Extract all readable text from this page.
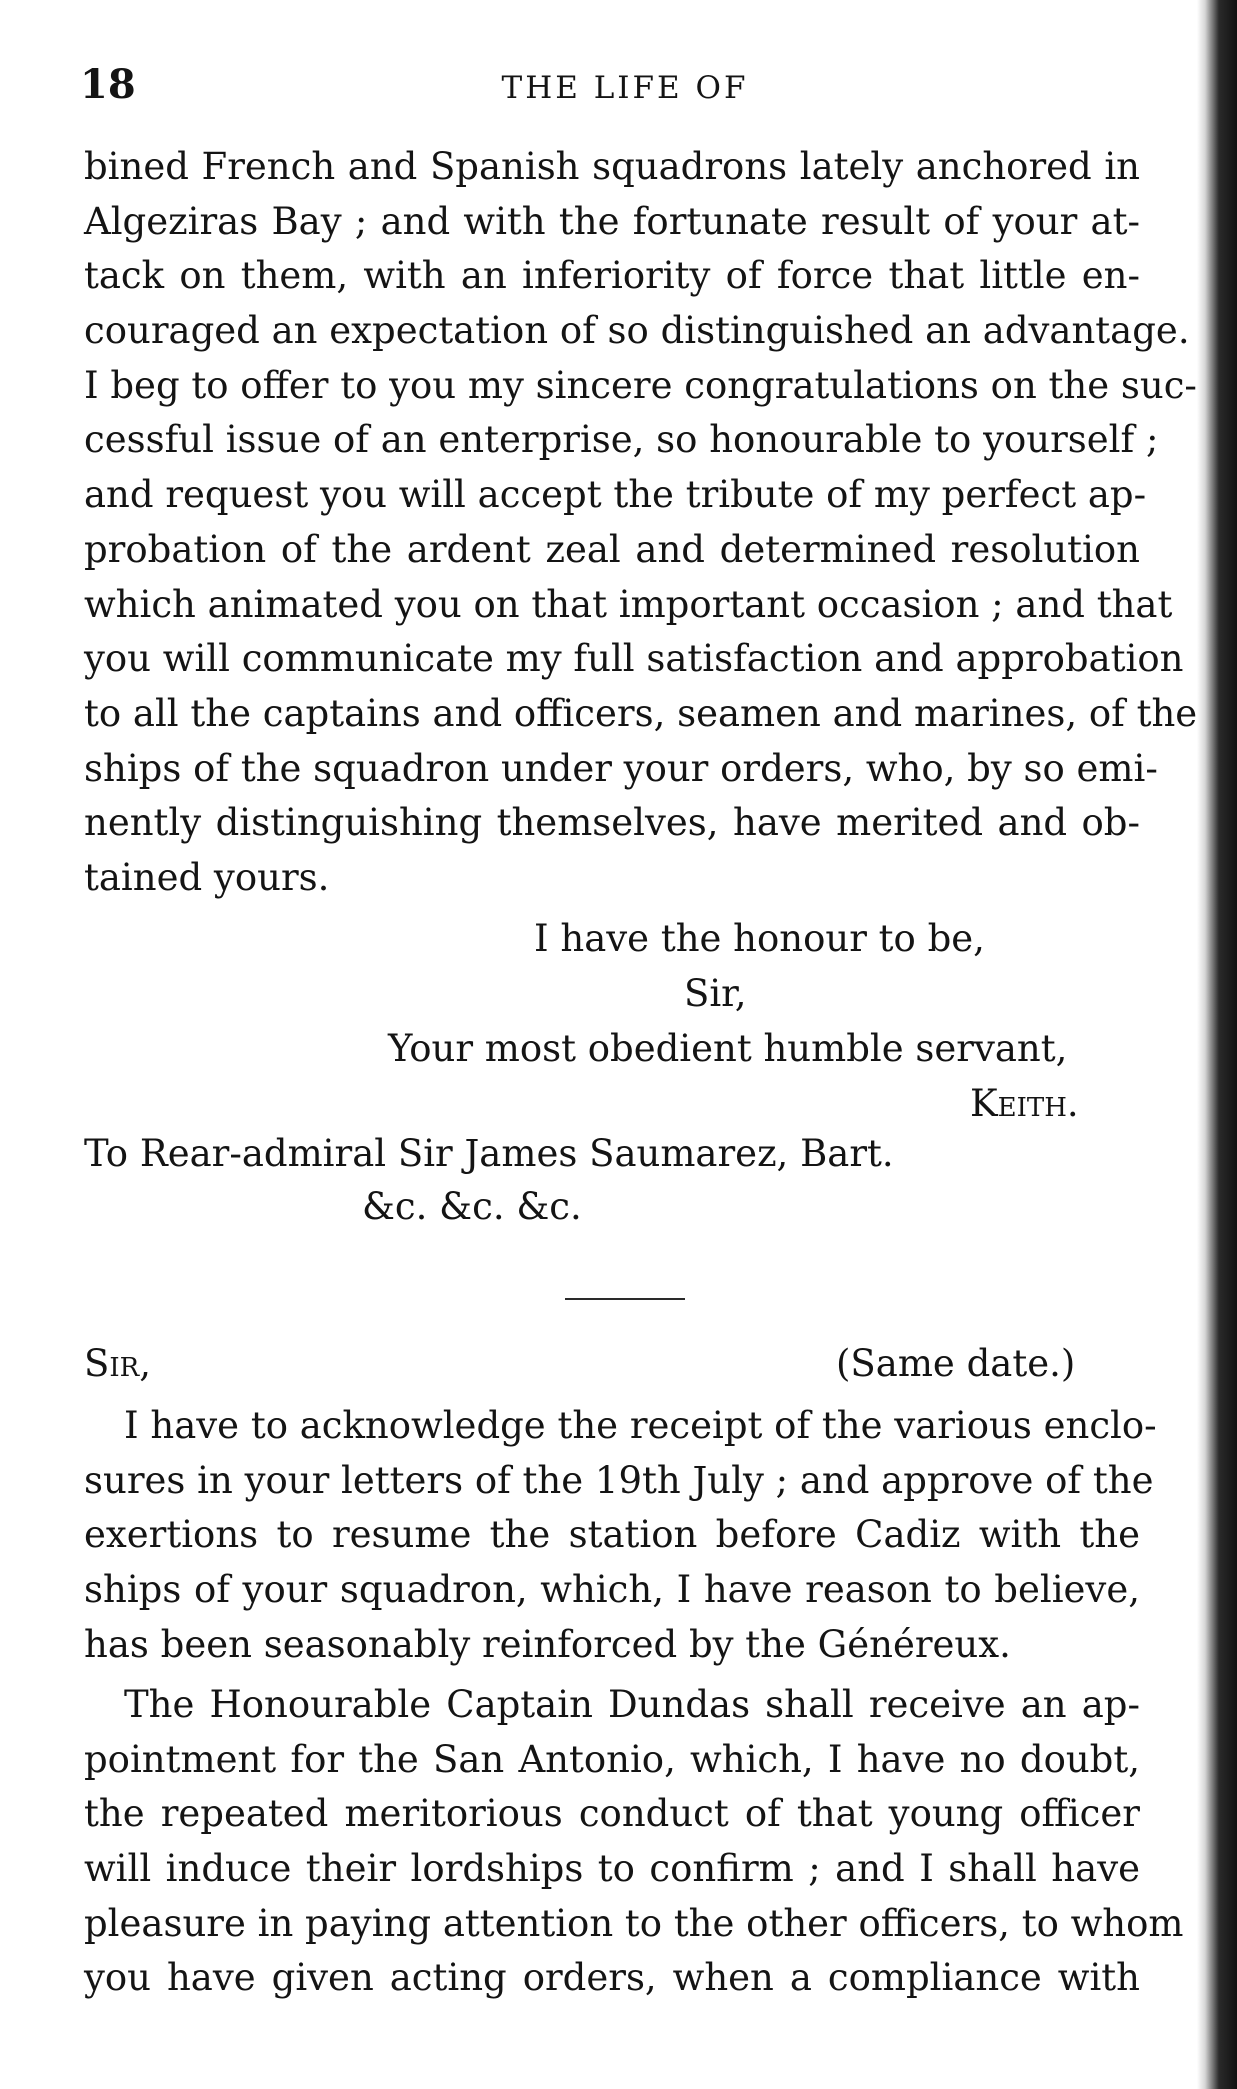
18	THE LIFE OF
bined French and Spanish squadrons lately anchored in
Algeziras Bay ; and with the fortunate result of your at-
tack on them, with an inferiority of force that little en-
couraged an expectation of so distinguished an advantage.
I beg to offer to you my sincere congratulations on the suc-
cessful issue of an enterprise, so honourable to yourself ;
and request you will accept the tribute of my perfect ap-
probation of the ardent zeal and determined resolution
which animated you on that important occasion ; and that
you will communicate my full satisfaction and approbation
to all the captains and officers, seamen and marines, of the
ships of the squadron under your orders, who, by so emi-
nently distinguishing themselves, have merited and ob-
tained yours.
I have the honour to be,
Sir,
Your most obedient humble servant,
Keith.
To Rear-admiral Sir James Saumarez, Bart.
&c. &c. &c.
Sir,	(Same date.)
I have to acknowledge the receipt of the various enclo-
sures in your letters of the 19th July ; and approve of the
exertions to resume the station before Cadiz with the
ships of your squadron, which, I have reason to believe,
has been seasonably reinforced by the Généreux.
The Honourable Captain Dundas shall receive an ap-
pointment for the San Antonio, which, I have no doubt,
the repeated meritorious conduct of that young officer
will induce their lordships to confirm ; and I shall have
pleasure in paying attention to the other officers, to whom
you have given acting orders, when a compliance with
